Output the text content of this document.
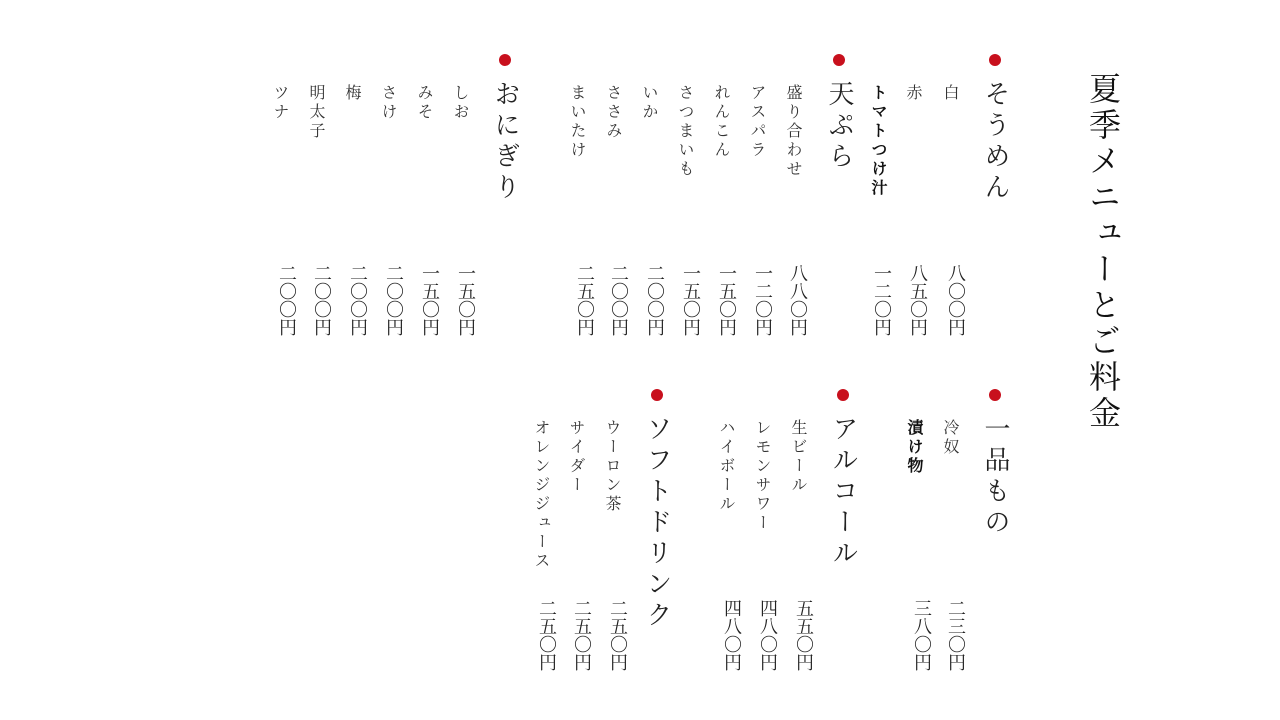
夏季メニューとご料金
そうめん
白
八〇〇円
赤
八五〇円
トマトつけ汁
一二〇円
天ぷら
盛り合わせ
八八〇円
アスパラ
一二〇円
れんこん
一五〇円
さつまいも
一五〇円
いか
二〇〇円
ささみ
二〇〇円
まいたけ
二五〇円
おにぎり
しお
一五〇円
みそ
一五〇円
さけ
二〇〇円
梅
二〇〇円
明太子
二〇〇円
ツナ
二〇〇円
一品もの
冷奴
二三〇円
漬け物
三八〇円
アルコール
生ビール
五五〇円
レモンサワー
四八〇円
ハイボール
四八〇円
ソフトドリンク
ウーロン茶
二五〇円
サイダー
二五〇円
オレンジジュース
二五〇円
